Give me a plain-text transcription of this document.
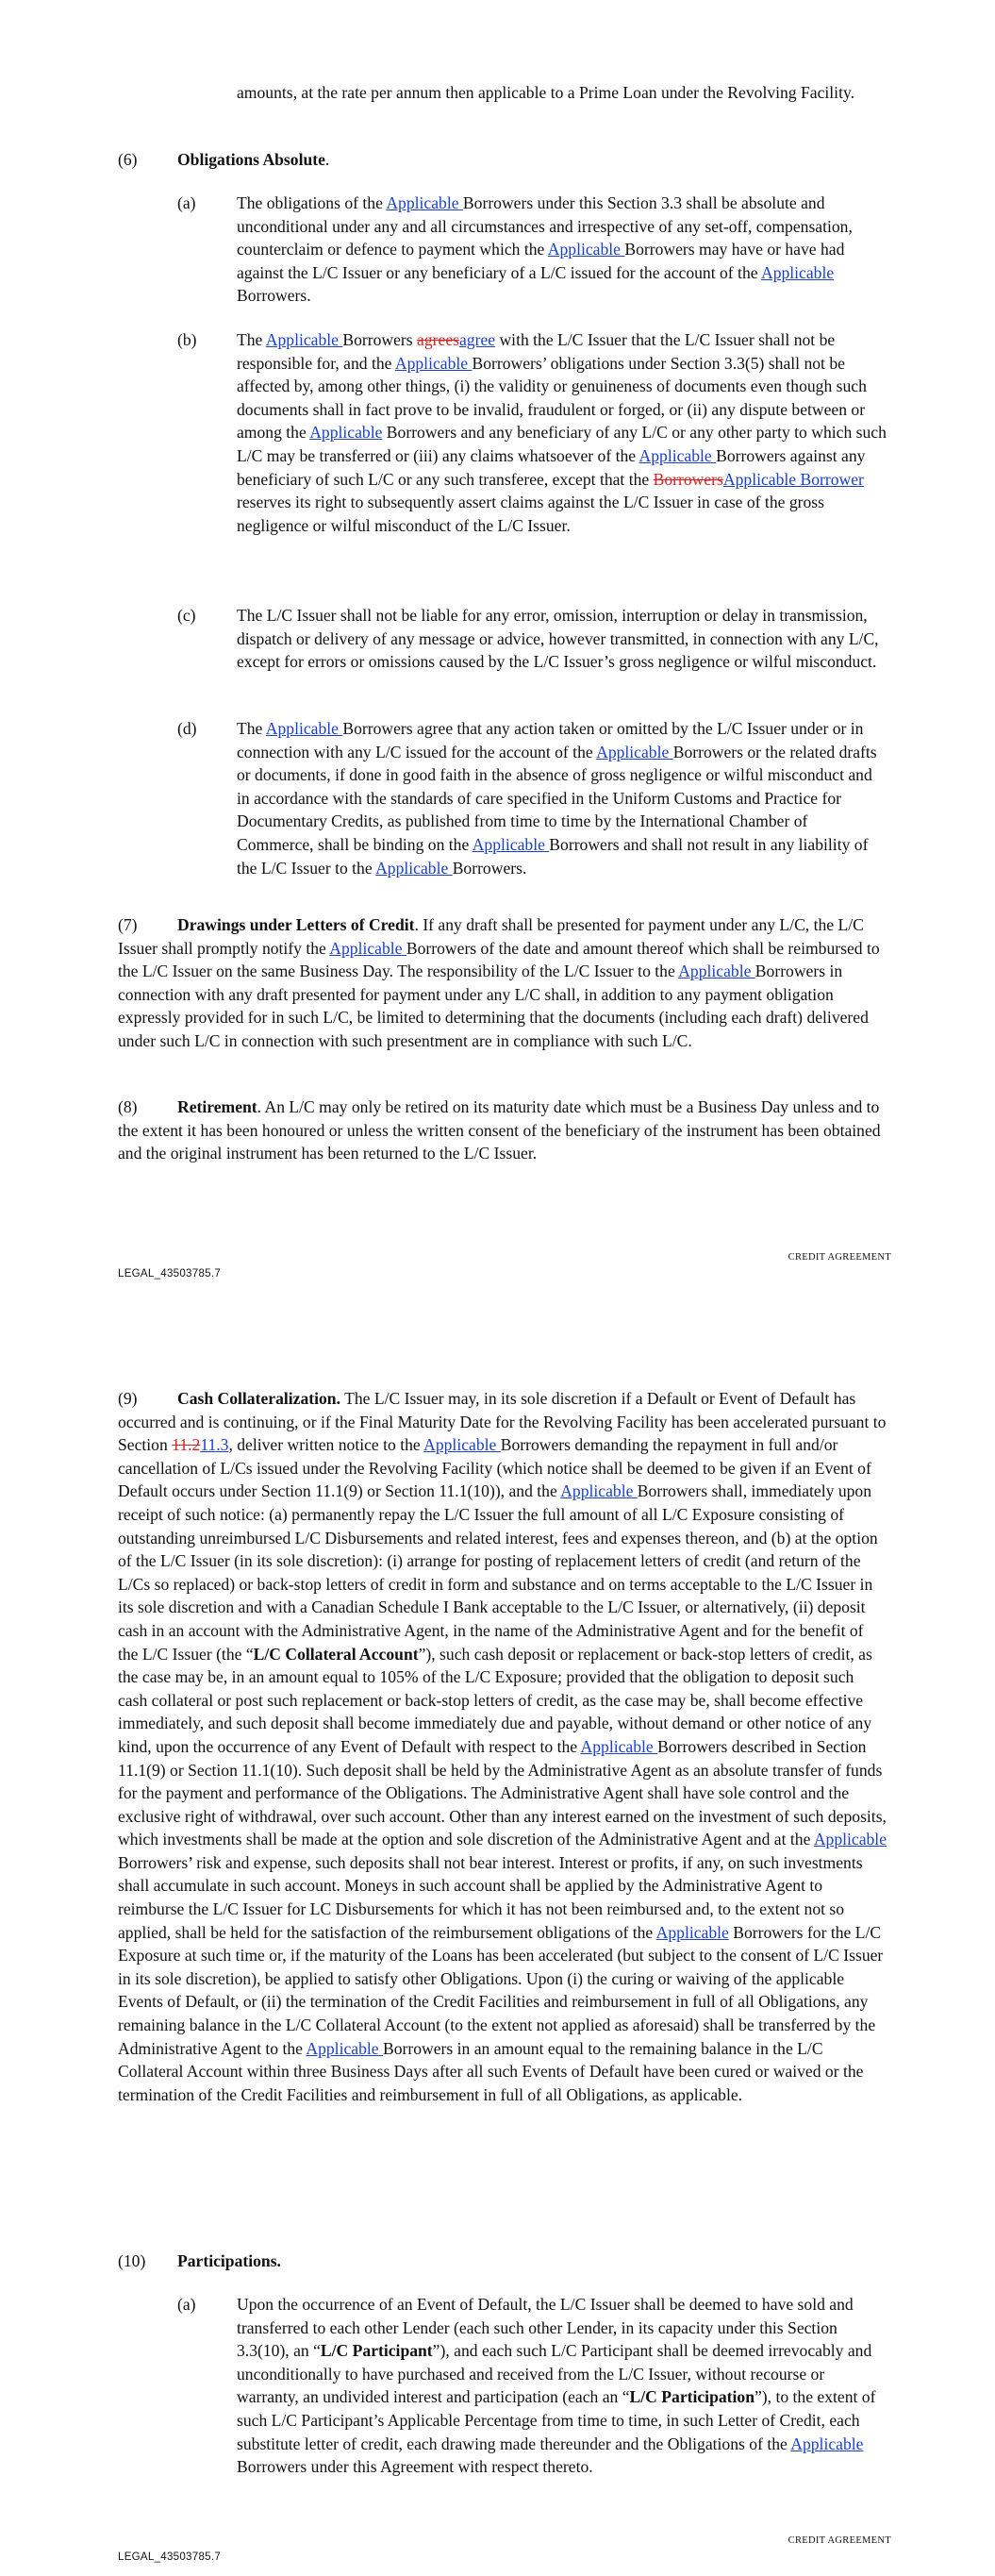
amounts, at the rate per annum then applicable to a Prime Loan under the Revolving Facility.

(6) Obligations Absolute.
(a) The obligations of the Applicable Borrowers under this Section 3.3 shall be absolute and unconditional under any and all circumstances and irrespective of any set-off, compensation, counterclaim or defence to payment which the Applicable Borrowers may have or have had against the L/C Issuer or any beneficiary of a L/C issued for the account of the Applicable Borrowers.

(b) The Applicable Borrowers agreesagree with the L/C Issuer that the L/C Issuer shall not be responsible for, and the Applicable Borrowers’ obligations under Section 3.3(5) shall not be affected by, among other things, (i) the validity or genuineness of documents even though such documents shall in fact prove to be invalid, fraudulent or forged, or (ii) any dispute between or among the Applicable Borrowers and any beneficiary of any L/C or any other party to which such L/C may be transferred or (iii) any claims whatsoever of the Applicable Borrowers against any beneficiary of such L/C or any such transferee, except that the BorrowersApplicable Borrower reserves its right to subsequently assert claims against the L/C Issuer in case of the gross negligence or wilful misconduct of the L/C Issuer.

(c) The L/C Issuer shall not be liable for any error, omission, interruption or delay in transmission, dispatch or delivery of any message or advice, however transmitted, in connection with any L/C, except for errors or omissions caused by the L/C Issuer’s gross negligence or wilful misconduct.

(d) The Applicable Borrowers agree that any action taken or omitted by the L/C Issuer under or in connection with any L/C issued for the account of the Applicable Borrowers or the related drafts or documents, if done in good faith in the absence of gross negligence or wilful misconduct and in accordance with the standards of care specified in the Uniform Customs and Practice for Documentary Credits, as published from time to time by the International Chamber of Commerce, shall be binding on the Applicable Borrowers and shall not result in any liability of the L/C Issuer to the Applicable Borrowers.

(7) Drawings under Letters of Credit. If any draft shall be presented for payment under any L/C, the L/C Issuer shall promptly notify the Applicable Borrowers of the date and amount thereof which shall be reimbursed to the L/C Issuer on the same Business Day. The responsibility of the L/C Issuer to the Applicable Borrowers in connection with any draft presented for payment under any L/C shall, in addition to any payment obligation expressly provided for in such L/C, be limited to determining that the documents (including each draft) delivered under such L/C in connection with such presentment are in compliance with such L/C.

(8) Retirement. An L/C may only be retired on its maturity date which must be a Business Day unless and to the extent it has been honoured or unless the written consent of the beneficiary of the instrument has been obtained and the original instrument has been returned to the L/C Issuer.

CREDIT AGREEMENT
LEGAL_43503785.7

(9) Cash Collateralization. The L/C Issuer may, in its sole discretion if a Default or Event of Default has occurred and is continuing, or if the Final Maturity Date for the Revolving Facility has been accelerated pursuant to Section 11.211.3, deliver written notice to the Applicable Borrowers demanding the repayment in full and/or cancellation of L/Cs issued under the Revolving Facility (which notice shall be deemed to be given if an Event of Default occurs under Section 11.1(9) or Section 11.1(10)), and the Applicable Borrowers shall, immediately upon receipt of such notice: (a) permanently repay the L/C Issuer the full amount of all L/C Exposure consisting of outstanding unreimbursed L/C Disbursements and related interest, fees and expenses thereon, and (b) at the option of the L/C Issuer (in its sole discretion): (i) arrange for posting of replacement letters of credit (and return of the L/Cs so replaced) or back-stop letters of credit in form and substance and on terms acceptable to the L/C Issuer in its sole discretion and with a Canadian Schedule I Bank acceptable to the L/C Issuer, or alternatively, (ii) deposit cash in an account with the Administrative Agent, in the name of the Administrative Agent and for the benefit of the L/C Issuer (the “L/C Collateral Account”), such cash deposit or replacement or back-stop letters of credit, as the case may be, in an amount equal to 105% of the L/C Exposure; provided that the obligation to deposit such cash collateral or post such replacement or back-stop letters of credit, as the case may be, shall become effective immediately, and such deposit shall become immediately due and payable, without demand or other notice of any kind, upon the occurrence of any Event of Default with respect to the Applicable Borrowers described in Section 11.1(9) or Section 11.1(10). Such deposit shall be held by the Administrative Agent as an absolute transfer of funds for the payment and performance of the Obligations. The Administrative Agent shall have sole control and the exclusive right of withdrawal, over such account. Other than any interest earned on the investment of such deposits, which investments shall be made at the option and sole discretion of the Administrative Agent and at the Applicable Borrowers’ risk and expense, such deposits shall not bear interest. Interest or profits, if any, on such investments shall accumulate in such account. Moneys in such account shall be applied by the Administrative Agent to reimburse the L/C Issuer for LC Disbursements for which it has not been reimbursed and, to the extent not so applied, shall be held for the satisfaction of the reimbursement obligations of the Applicable Borrowers for the L/C Exposure at such time or, if the maturity of the Loans has been accelerated (but subject to the consent of L/C Issuer in its sole discretion), be applied to satisfy other Obligations. Upon (i) the curing or waiving of the applicable Events of Default, or (ii) the termination of the Credit Facilities and reimbursement in full of all Obligations, any remaining balance in the L/C Collateral Account (to the extent not applied as aforesaid) shall be transferred by the Administrative Agent to the Applicable Borrowers in an amount equal to the remaining balance in the L/C Collateral Account within three Business Days after all such Events of Default have been cured or waived or the termination of the Credit Facilities and reimbursement in full of all Obligations, as applicable.

(10) Participations.
(a) Upon the occurrence of an Event of Default, the L/C Issuer shall be deemed to have sold and transferred to each other Lender (each such other Lender, in its capacity under this Section 3.3(10), an “L/C Participant”), and each such L/C Participant shall be deemed irrevocably and unconditionally to have purchased and received from the L/C Issuer, without recourse or warranty, an undivided interest and participation (each an “L/C Participation”), to the extent of such L/C Participant’s Applicable Percentage from time to time, in such Letter of Credit, each substitute letter of credit, each drawing made thereunder and the Obligations of the Applicable Borrowers under this Agreement with respect thereto.

CREDIT AGREEMENT
LEGAL_43503785.7
